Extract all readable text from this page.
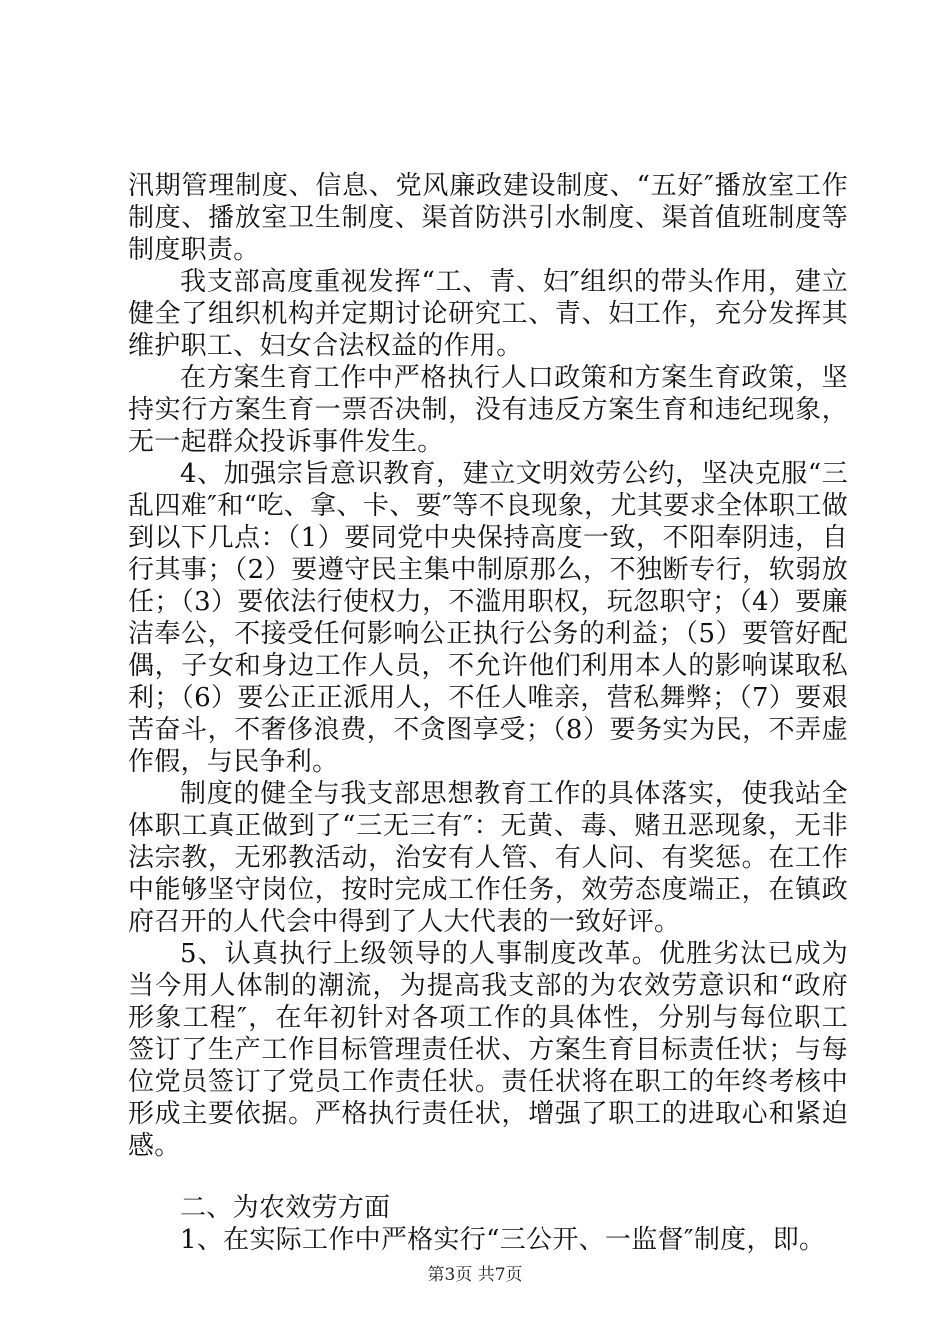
汛期管理制度、信息、党风廉政建设制度、“五好″播放室工作制度、播放室卫生制度、渠首防洪引水制度、渠首值班制度等制度职责。

我支部高度重视发挥“工、青、妇″组织的带头作用，建立健全了组织机构并定期讨论研究工、青、妇工作，充分发挥其维护职工、妇女合法权益的作用。

在方案生育工作中严格执行人口政策和方案生育政策，坚持实行方案生育一票否决制，没有违反方案生育和违纪现象，无一起群众投诉事件发生。

4、加强宗旨意识教育，建立文明效劳公约，坚决克服“三乱四难″和“吃、拿、卡、要″等不良现象，尤其要求全体职工做到以下几点：（1）要同党中央保持高度一致，不阳奉阴违，自行其事；（2）要遵守民主集中制原那么，不独断专行，软弱放任；（3）要依法行使权力，不滥用职权，玩忽职守；（4）要廉洁奉公，不接受任何影响公正执行公务的利益；（5）要管好配偶，子女和身边工作人员，不允许他们利用本人的影响谋取私利；（6）要公正正派用人，不任人唯亲，营私舞弊；（7）要艰苦奋斗，不奢侈浪费，不贪图享受；（8）要务实为民，不弄虚作假，与民争利。

制度的健全与我支部思想教育工作的具体落实，使我站全体职工真正做到了“三无三有″：无黄、毒、赌丑恶现象，无非法宗教，无邪教活动，治安有人管、有人问、有奖惩。在工作中能够坚守岗位，按时完成工作任务，效劳态度端正，在镇政府召开的人代会中得到了人大代表的一致好评。

5、认真执行上级领导的人事制度改革。优胜劣汰已成为当今用人体制的潮流，为提高我支部的为农效劳意识和“政府形象工程″，在年初针对各项工作的具体性，分别与每位职工签订了生产工作目标管理责任状、方案生育目标责任状；与每位党员签订了党员工作责任状。责任状将在职工的年终考核中形成主要依据。严格执行责任状，增强了职工的进取心和紧迫感。

二、为农效劳方面

1、在实际工作中严格实行“三公开、一监督″制度，即。

第3页 共7页
